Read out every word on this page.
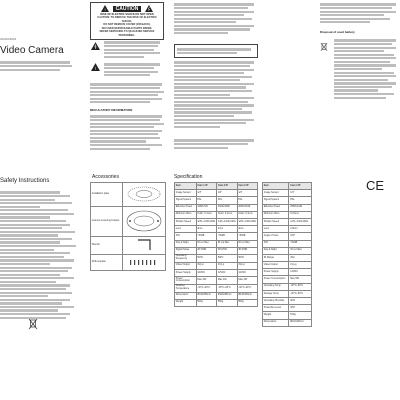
UD06A3601
Video Camera
Safety Instructions
!	CAUTION
RISK OF ELECTRIC SHOCK DO NOT OPEN
CAUTION: TO REDUCE THE RISK OF ELECTRIC SHOCK,
DO NOT REMOVE COVER (OR BACK).
NO USER-SERVICEABLE PARTS INSIDE.
REFER SERVICING TO QUALIFIED SERVICE PERSONNEL.
!
REGULATORY INFORMATION
Accessories
Installation plate	
Camera mounting bracket	
Wrench	
Drill template	
Specification
Item	Cam 1 IP	Cam 2 IP	Cam 3 IP
Image Sensor	1/3"	1/3"	1/3"
Signal System	PAL	PAL	PAL
Effective Pixels	1280x720	1920x1080	2048x1536
Minimum Illum.	Color: 0.1Lux	Color: 0.1Lux	Color: 0.1Lux
Shutter Speed	1/25~1/100,000s	1/25~1/100,000s	1/25~1/100,000s
Lens	4mm	4mm	4mm
S/N	>50dB	>50dB	>50dB
Day & Night	IR cut filter	IR cut filter	IR cut filter
Digital Noise	3D DNR	3D DNR	3D DNR
Operating Frequency	50Hz	50Hz	50Hz
Video Output	1Vp-p	1Vp-p	1Vp-p
Power Supply	12VDC	12VDC	12VDC
Power Consumption	Max 4W	Max 4W	Max 4W
Working Temperature	-30°C~60°C	-30°C~60°C	-30°C~60°C
Dimensions	Ø110x85mm	Ø110x85mm	Ø110x85mm
Weight	500g	500g	500g
Item	Cam 4 IP
Image Sensor	1/3"
Signal System	PAL
Effective Pixels	2560x1440
Minimum Illum.	0.01Lux
Shutter Speed	1/25~1/100,000s
Lens	2.8mm
Angle of View	100°
S/N	>52dB
Day & Night	IR cut filter
IR Range	30m
Video Output	1Vp-p
Power Supply	12VDC
Power Consumption	Max 5W
Operating Temp.	-30°C~60°C
Storage Temp.	-30°C~60°C
Operating Humidity	90%
Protection Level	IP67
Weight	520g
Dimensions	Ø110x90mm
Disposal of used battery
CE
